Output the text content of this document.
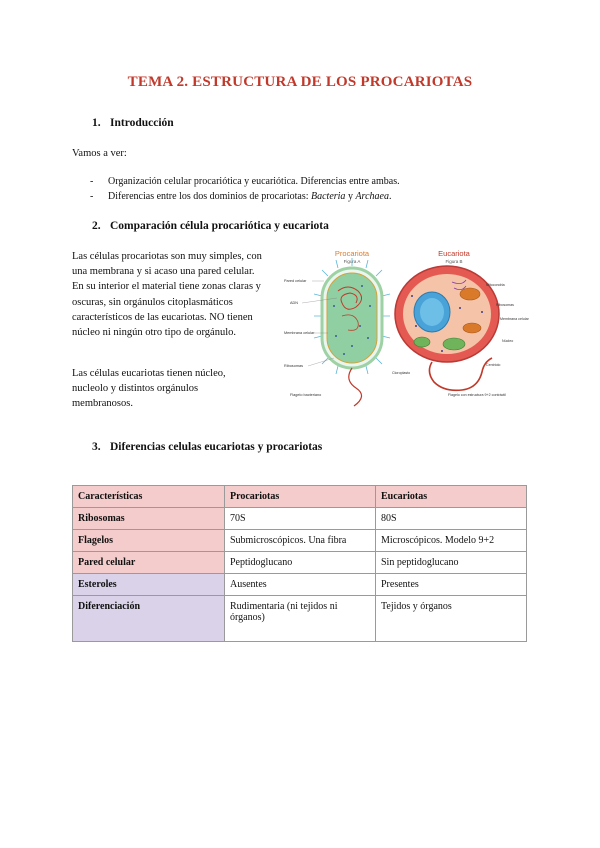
TEMA 2. ESTRUCTURA DE LOS PROCARIOTAS
1. Introducción
Vamos a ver:
- Organización celular procariótica y eucariótica. Diferencias entre ambas.
- Diferencias entre los dos dominios de procariotas: Bacteria y Archaea.
2. Comparación célula procariótica y eucariota
Las células procariotas son muy simples, con una membrana y si acaso una pared celular. En su interior el material tiene zonas claras y oscuras, sin orgánulos citoplasmáticos característicos de las eucariotas. NO tienen núcleo ni ningún otro tipo de orgánulo.
Las células eucariotas tienen núcleo, nucleolo y distintos orgánulos membranosos.
Procariota
Figura A
Pared celular
ADN
Membrana celular
Ribosomas
Flagelo bacteriano
Eucariota
Figura B
Mitocondria
Ribosomas
Membrana celular
Núcleo
Cloroplasto
Centriolo
Flagelo con estructura 9+2 contráctil
3. Diferencias celulas eucariotas y procariotas
Características	Procariotas	Eucariotas
Ribosomas	70S	80S
Flagelos	Submicroscópicos. Una fibra	Microscópicos. Modelo 9+2
Pared celular	Peptidoglucano	Sin peptidoglucano
Esteroles	Ausentes	Presentes
Diferenciación	Rudimentaria (ni tejidos ni órganos)	Tejidos y órganos
